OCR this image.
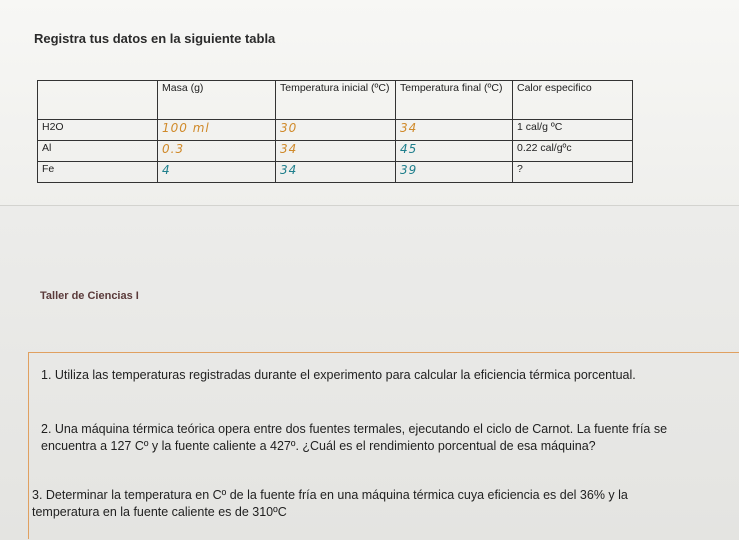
Registra tus datos en la siguiente tabla
	Masa (g)	Temperatura inicial (ºC)	Temperatura final (ºC)	Calor especifico
H2O	100 ml	30	34	1 cal/g ºC
Al	0.3	34	45	0.22 cal/gºc
Fe	4	34	39	?
Taller de Ciencias I
1. Utiliza las temperaturas registradas durante el experimento para calcular la eficiencia térmica porcentual.
2. Una máquina térmica teórica opera entre dos fuentes termales, ejecutando el ciclo de Carnot. La fuente fría se encuentra a 127 Cº y la fuente caliente a 427º. ¿Cuál es el rendimiento porcentual de esa máquina?
3. Determinar la temperatura en Cº de la fuente fría en una máquina térmica cuya eficiencia es del 36% y la temperatura en la fuente caliente es de 310ºC
